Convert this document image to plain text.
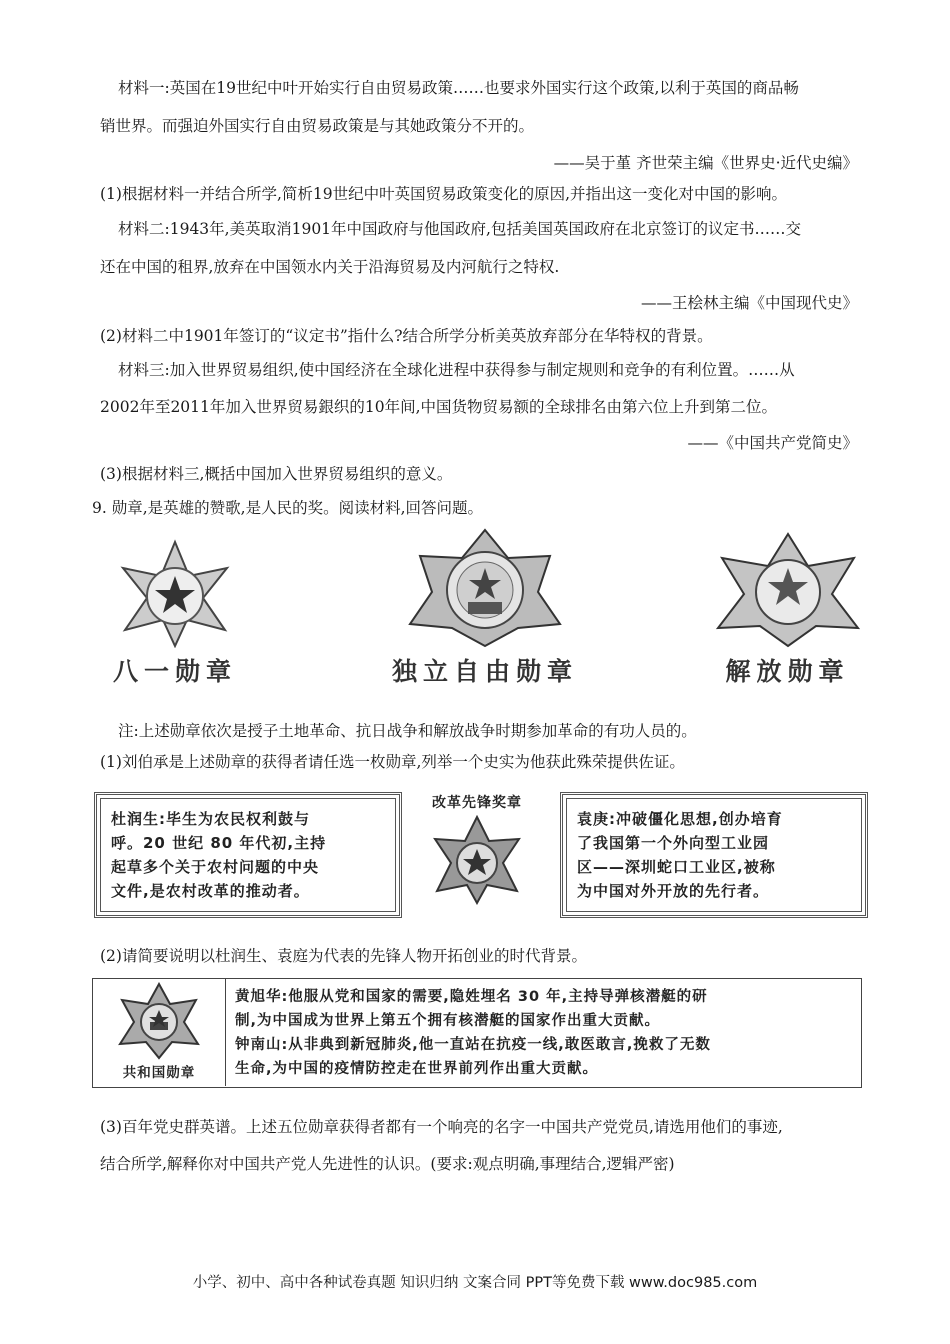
材料一:英国在19世纪中叶开始实行自由贸易政策……也要求外国实行这个政策,以利于英国的商品畅
销世界。而强迫外国实行自由贸易政策是与其她政策分不开的。
——吴于堇 齐世荣主编《世界史·近代史编》
(1)根据材料一并结合所学,简析19世纪中叶英国贸易政策变化的原因,并指出这一变化对中国的影响。
材料二:1943年,美英取消1901年中国政府与他国政府,包括美国英国政府在北京签订的议定书……交
还在中国的租界,放弃在中国领水内关于沿海贸易及内河航行之特权.
——王桧林主编《中国现代史》
(2)材料二中1901年签订的“议定书”指什么?结合所学分析美英放弃部分在华特权的背景。
材料三:加入世界贸易组织,使中国经济在全球化进程中获得参与制定规则和竞争的有利位置。……从
2002年至2011年加入世界贸易銀织的10年间,中国货物贸易额的全球排名由第六位上升到第二位。
——《中国共产党简史》
(3)根据材料三,概括中国加入世界贸易组织的意义。
9. 勋章,是英雄的赞歌,是人民的奖。阅读材料,回答问题。
八一勋章	独立自由勋章	解放勋章
注:上述勋章依次是授子土地革命、抗日战争和解放战争时期参加革命的有功人员的。
(1)刘伯承是上述勋章的获得者请任选一枚勋章,列举一个史实为他获此殊荣提供佐证。
杜润生:毕生为农民权利鼓与
呼。20 世纪 80 年代初,主持
起草多个关于农村问题的中央
文件,是农村改革的推动者。
改革先锋奖章
袁庚:冲破僵化思想,创办培育
了我国第一个外向型工业园
区——深圳蛇口工业区,被称
为中国对外开放的先行者。
(2)请简要说明以杜润生、袁庭为代表的先锋人物开拓创业的时代背景。
共和国勋章
黄旭华:他服从党和国家的需要,隐姓埋名 30 年,主持导弹核潜艇的研
制,为中国成为世界上第五个拥有核潜艇的国家作出重大贡献。
钟南山:从非典到新冠肺炎,他一直站在抗疫一线,敢医敢言,挽救了无数
生命,为中国的疫情防控走在世界前列作出重大贡献。
(3)百年党史群英谱。上述五位勋章获得者都有一个响亮的名字一中国共产党党员,请选用他们的事迹,
结合所学,解释你对中国共产党人先进性的认识。(要求:观点明确,事理结合,逻辑严密)
小学、初中、高中各种试卷真题 知识归纳 文案合同 PPT等免费下载 www.doc985.com
